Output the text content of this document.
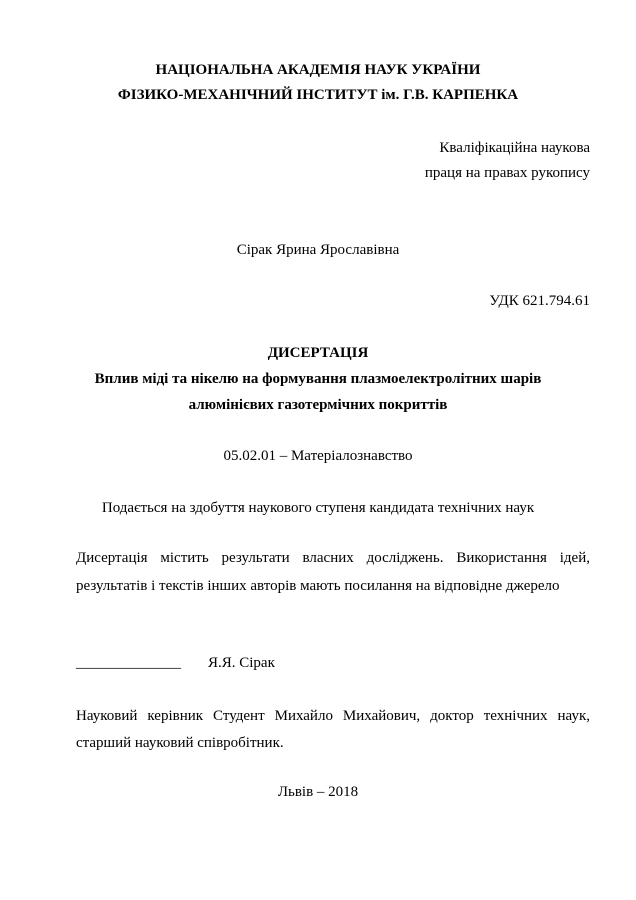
НАЦІОНАЛЬНА АКАДЕМІЯ НАУК УКРАЇНИ
ФІЗИКО-МЕХАНІЧНИЙ ІНСТИТУТ ім. Г.В. КАРПЕНКА
Кваліфікаційна наукова
праця на правах рукопису
Сірак Ярина Ярославівна
УДК 621.794.61
ДИСЕРТАЦІЯ
Вплив міді та нікелю на формування плазмоелектролітних шарів
алюмінієвих газотермічних покриттів
05.02.01 – Матеріалознавство
Подається на здобуття наукового ступеня кандидата технічних наук
Дисертація містить результати власних досліджень. Використання ідей,
результатів і текстів інших авторів мають посилання на відповідне джерело
______________ Я.Я. Сірак
Науковий керівник Студент Михайло Михайович, доктор технічних наук,
старший науковий співробітник.
Львів – 2018
